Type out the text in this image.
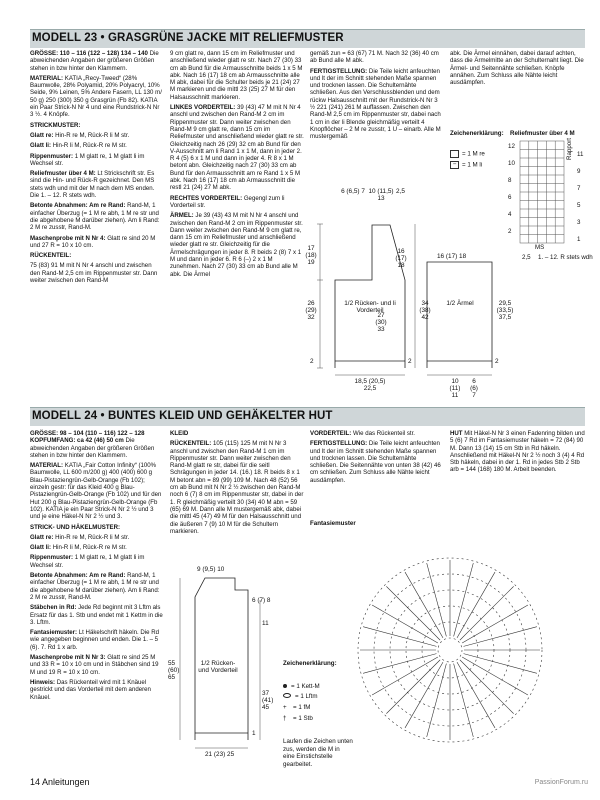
MODELL 23 • GRASGRÜNE JACKE MIT RELIEFMUSTER
MODELL 24 • BUNTES KLEID UND GEHÄKELTER HUT

GRÖSSE: 110 – 116 (122 – 128) 134 – 140 Die abweichenden Angaben der größeren Größen stehen in bzw hinter den Klammern.

MATERIAL: KATIA „Recy-Tweed“ (28% Baumwolle, 28% Polyamid, 20% Polyacryl, 10% Seide, 9% Leinen, 5% Andere Fasern, LL 130 m/ 50 g) 250 (300) 350 g Grasgrün (Fb 82). KATIA ein Paar Strick-N Nr 4 und eine Rundstrick-N Nr 3 ½. 4 Knöpfe.

STRICKMUSTER:

Glatt re: Hin-R re M, Rück-R li M str.

Glatt li: Hin-R li M, Rück-R re M str.

Rippenmuster: 1 M glatt re, 1 M glatt li im Wechsel str.

Reliefmuster über 4 M: Lt Strickschrift str. Es sind die Hin- und Rück-R gezeichnet. Den MS stets wdh und mit der M nach dem MS enden. Die 1. – 12. R stets wdh.

Betonte Abnahmen: Am re Rand: Rand-M, 1 einfacher Überzug (= 1 M re abh, 1 M re str und die abgehobene M darüber ziehen). Am li Rand: 2 M re zusstr, Rand-M.

Maschenprobe mit N Nr 4: Glatt re sind 20 M und 27 R = 10 x 10 cm.

RÜCKENTEIL:

75 (83) 91 M mit N Nr 4 anschl und zwischen den Rand-M 2,5 cm im Rippenmuster str. Dann weiter zwischen den Rand-M

9 cm glatt re, dann 15 cm im Reliefmuster und anschließend wieder glatt re str. Nach 27 (30) 33 cm ab Bund für die Armausschnitte beids 1 x 5 M abk. Nach 16 (17) 18 cm ab Armausschnitte alle M abk, dabei für die Schulter beids je 21 (24) 27 M markieren und die mittl 23 (25) 27 M für den Halsausschnitt markieren.

LINKES VORDERTEIL: 39 (43) 47 M mit N Nr 4 anschl und zwischen den Rand-M 2 cm im Rippenmuster str. Dann weiter zwischen den Rand-M 9 cm glatt re, dann 15 cm im Reliefmuster und anschließend wieder glatt re str. Gleichzeitig nach 26 (29) 32 cm ab Bund für den V-Ausschnitt am li Rand 1 x 1 M, dann in jeder 2. R 4 (5) 6 x 1 M und dann in jeder 4. R 8 x 1 M betont abn. Gleichzeitig nach 27 (30) 33 cm ab Bund für den Armausschnitt am re Rand 1 x 5 M abk. Nach 16 (17) 18 cm ab Armausschnitt die restl 21 (24) 27 M abk.

RECHTES VORDERTEIL: Gegengl zum li Vorderteil str.

ÄRMEL: Je 39 (43) 43 M mit N Nr 4 anschl und zwischen den Rand-M 2 cm im Rippenmuster str. Dann weiter zwischen den Rand-M 9 cm glatt re, dann 15 cm im Reliefmuster und anschließend wieder glatt re str. Gleichzeitig für die Ärmelschrägungen in jeder 8. R beids 2 (8) 7 x 1 M und dann in jeder 6. R 6 (–) 2 x 1 M zunehmen. Nach 27 (30) 33 cm ab Bund alle M abk. Die Ärmel

gemäß zun = 63 (67) 71 M. Nach 32 (36) 40 cm ab Bund alle M abk.

FERTIGSTELLUNG: Die Teile leicht anfeuchten und lt der im Schnitt stehenden Maße spannen und trocknen lassen. Die Schulternähte schließen. Aus den Verschlussblenden und dem rückw Halsausschnitt mit der Rundstrick-N Nr 3 ½ 221 (241) 261 M auffassen. Zwischen den Rand-M 2,5 cm im Rippenmuster str, dabei nach 1 cm in der li Blende gleichmäßig verteilt 4 Knopflöcher – 2 M re zusstr, 1 U – einarb. Alle M mustergemäß

abk. Die Ärmel einnähen, dabei darauf achten, dass die Ärmelmitte an der Schulternaht liegt. Die Ärmel- und Seitennähte schließen. Knöpfe annähen. Zum Schluss alle Nähte leicht ausdämpfen.

GRÖSSE: 98 – 104 (110 – 116) 122 – 128 KOPFUMFANG: ca 42 (46) 50 cm Die abweichenden Angaben der größeren Größen stehen in bzw hinter den Klammern.

MATERIAL: KATIA „Fair Cotton Infinity“ (100% Baumwolle, LL 600 m/200 g) 400 (400) 600 g Blau-Pistaziengrün-Gelb-Orange (Fb 102); einzeln gestr: für das Kleid 400 g Blau-Pistaziengrün-Gelb-Orange (Fb 102) und für den Hut 200 g Blau-Pistaziengrün-Gelb-Orange (Fb 102). KATIA je ein Paar Strick-N Nr 2 ½ und 3 und je eine Häkel-N Nr 2 ½ und 3.

STRICK- UND HÄKELMUSTER:

Glatt re: Hin-R re M, Rück-R li M str.

Glatt li: Hin-R li M, Rück-R re M str.

Rippenmuster: 1 M glatt re, 1 M glatt li im Wechsel str.

Betonte Abnahmen: Am re Rand: Rand-M, 1 einfacher Überzug (= 1 M re abh, 1 M re str und die abgehobene M darüber ziehen). Am li Rand: 2 M re zusstr, Rand-M.

Stäbchen in Rd: Jede Rd beginnt mit 3 Lftm als Ersatz für das 1. Stb und endet mit 1 Kettm in die 3. Lftm.

Fantasiemuster: Lt Häkelschrift häkeln. Die Rd wie angegeben beginnen und enden. Die 1. – 5 (6). 7. Rd 1 x arb.

Maschenprobe mit N Nr 3: Glatt re sind 25 M und 33 R = 10 x 10 cm und in Stäbchen sind 19 M und 19 R = 10 x 10 cm.

Hinweis: Das Rückenteil wird mit 1 Knäuel gestrickt und das Vorderteil mit dem anderen Knäuel.

KLEID

RÜCKENTEIL: 105 (115) 125 M mit N Nr 3 anschl und zwischen den Rand-M 1 cm im Rippenmuster str. Dann weiter zwischen den Rand-M glatt re str, dabei für die seitl Schrägungen in jeder 14. (16.) 18. R beids 8 x 1 M betont abn = 89 (99) 109 M. Nach 48 (52) 56 cm ab Bund mit N Nr 2 ½ zwischen den Rand-M noch 6 (7) 8 cm im Rippenmuster str, dabei in der 1. R gleichmäßig verteilt 30 (34) 40 M abn = 59 (65) 69 M. Dann alle M mustergemäß abk, dabei die mittl 45 (47) 49 M für den Halsausschnitt und die äußeren 7 (9) 10 M für die Schultern markieren.

VORDERTEIL: Wie das Rückenteil str.

FERTIGSTELLUNG: Die Teile leicht anfeuchten und lt der im Schnitt stehenden Maße spannen und trocknen lassen. Die Schulternähte schließen. Die Seitennähte von unten 38 (42) 46 cm schließen. Zum Schluss alle Nähte leicht ausdämpfen.

HUT Mit Häkel-N Nr 3 einen Fadenring bilden und 5 (6) 7 Rd im Fantasiemuster häkeln = 72 (84) 90 M. Dann 13 (14) 15 cm Stb in Rd häkeln. Anschließend mit Häkel-N Nr 2 ½ noch 3 (4) 4 Rd Stb häkeln, dabei in der 1. Rd in jedes Stb 2 Stb arb = 144 (168) 180 M. Arbeit beenden.

Zeichenerklärung:
= 1 M re
− = 1 M li
Reliefmuster über 4 M
12
10
8
6
4
2
11
9
7
5
3
1
Rapport
MS
2,5 1. – 12. R stets wdh
1/2 Rücken- und li Vorderteil
6 (6,5) 7 10 (11,5) 13
2,5
17 (18) 19
26 (29) 32	27 (30) 33
34 (38) 42
16 (17) 18
18,5 (20,5) 22,5
2	2
1/2 Ärmel
16 (17) 18
29,5 (33,5) 37,5
10 (11) 11
6 (6) 7
2
1/2 Rücken- und Vorderteil
9 (9,5) 10
6 (7) 8
11
55 (60) 65
37 (41) 45
1
21 (23) 25
Fantasiemuster
Zeichenerklärung:
= 1 Kett-M
= 1 Lftm
+ = 1 fM
† = 1 Stb
Laufen die Zeichen unten zus, werden die M in eine Einstichstelle gearbeitet.
14 Anleitungen	PassionForum.ru
